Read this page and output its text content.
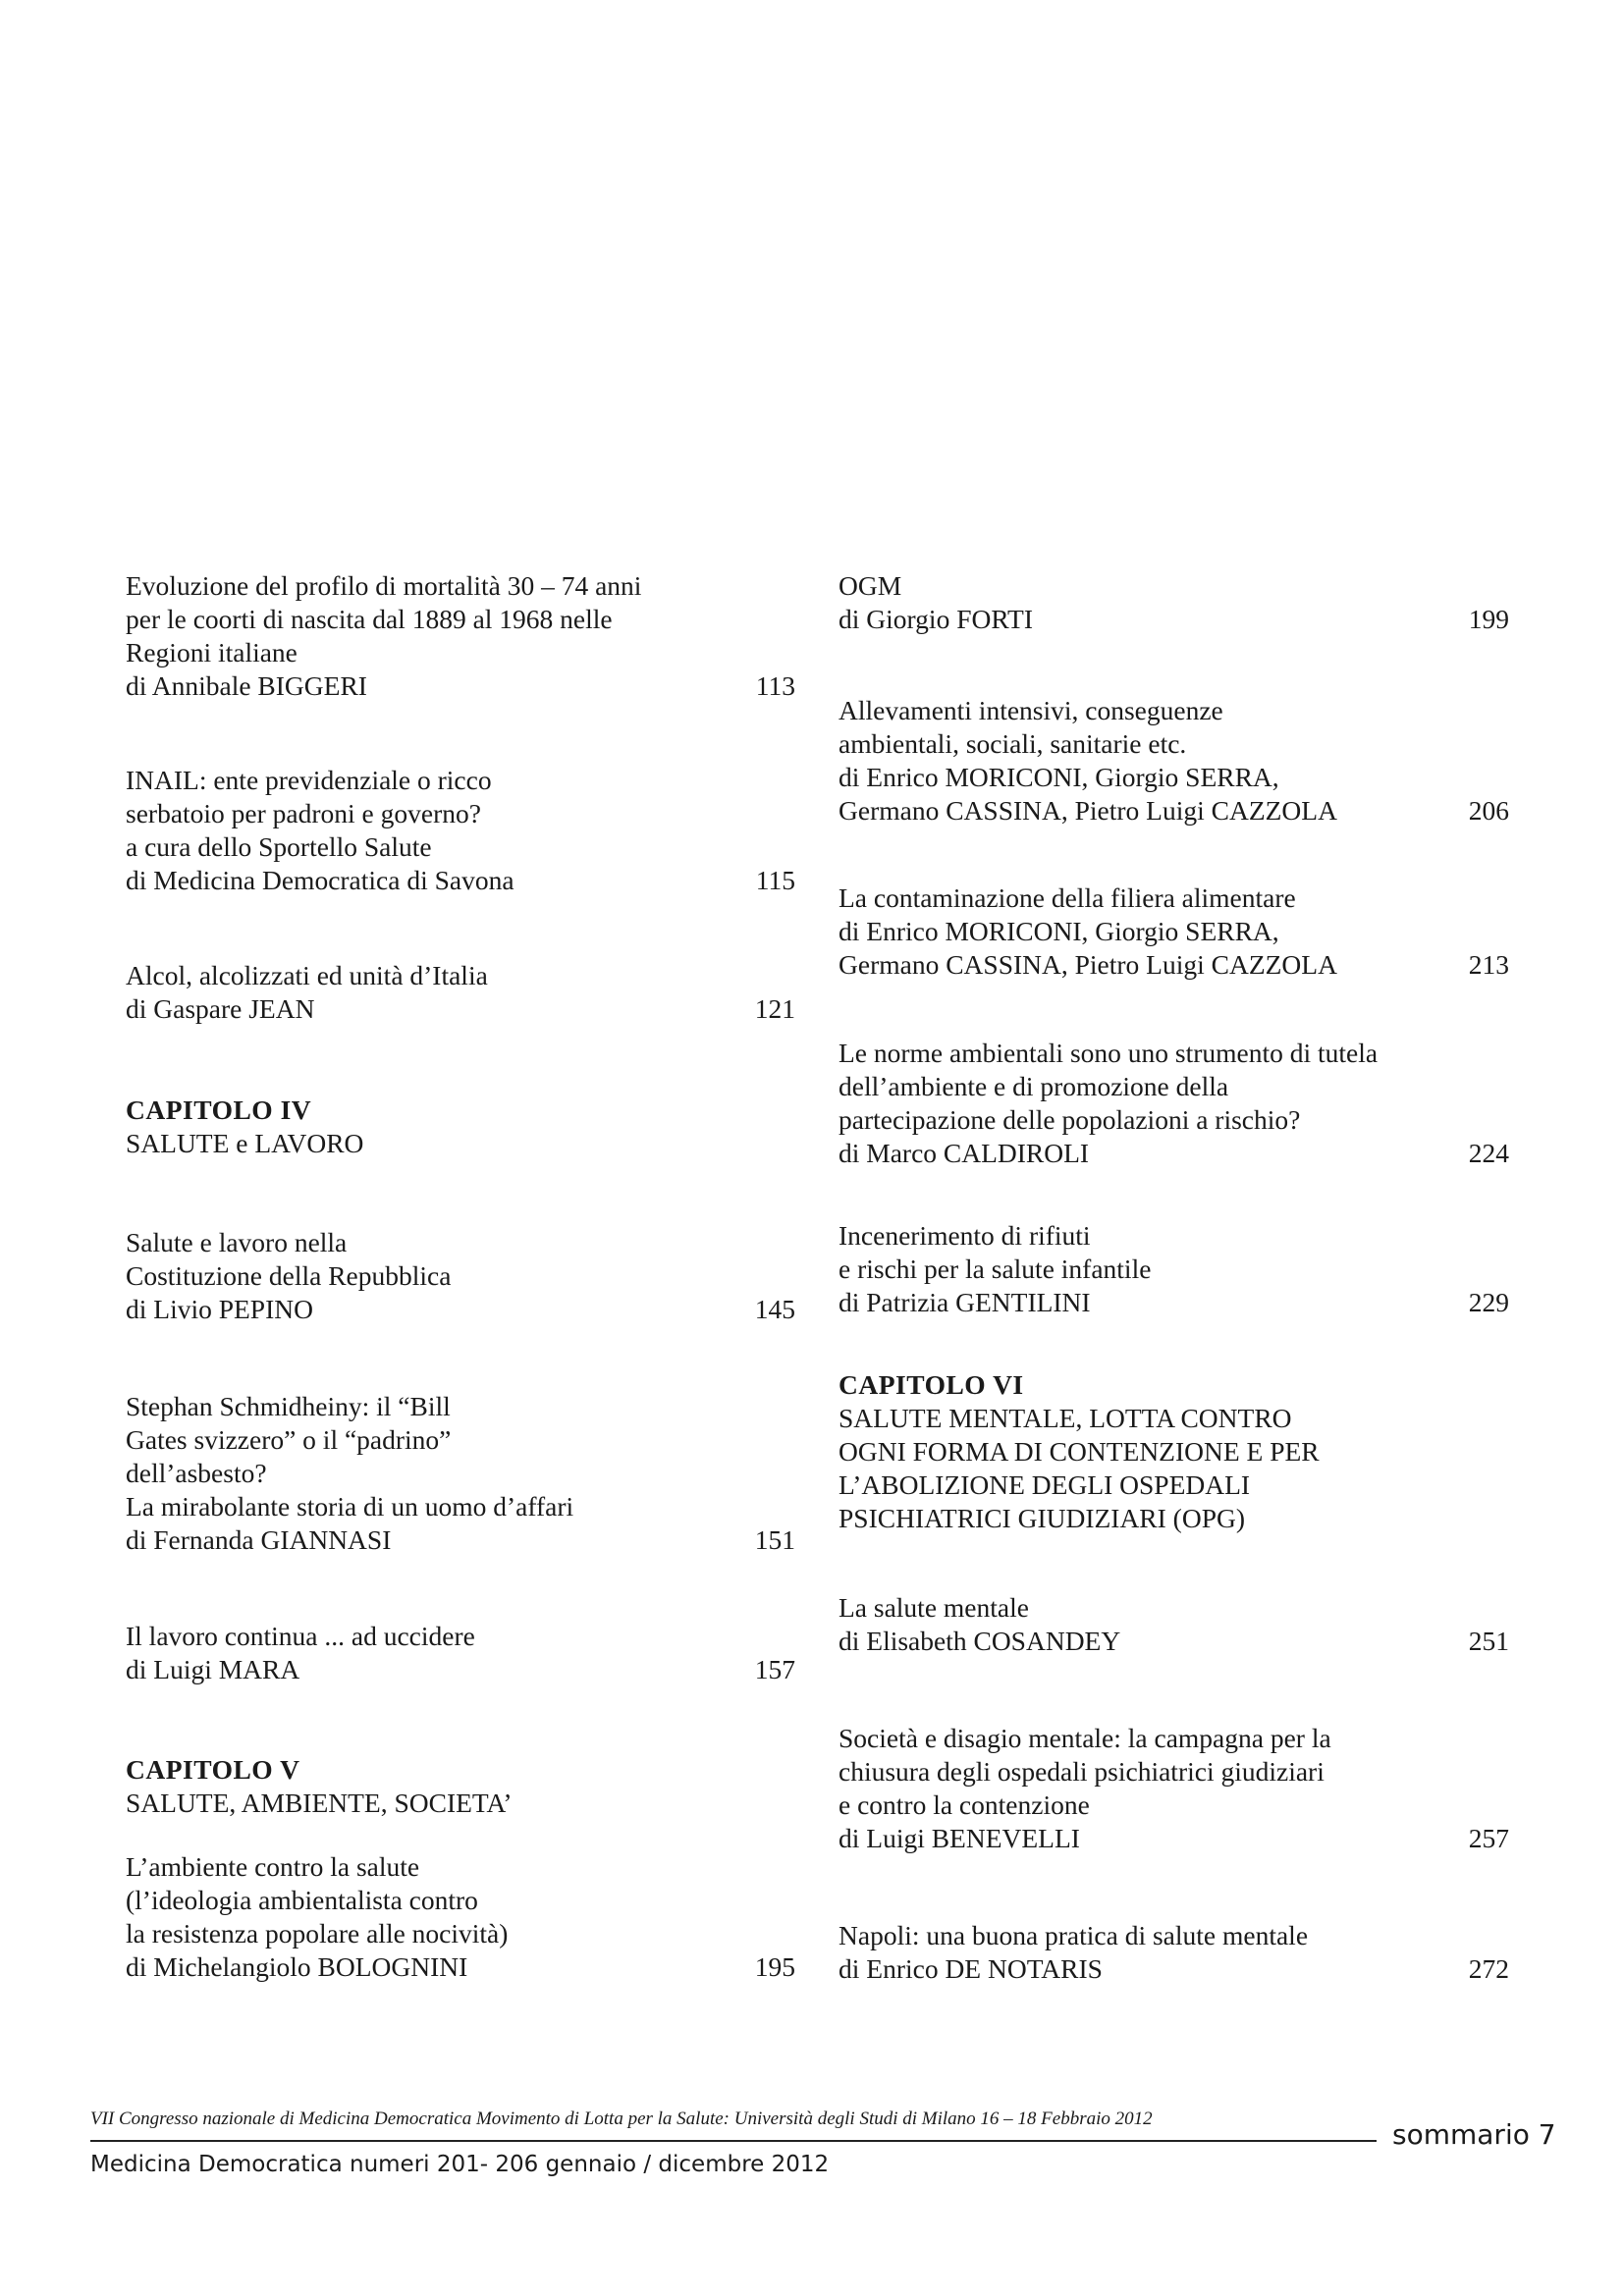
Evoluzione del profilo di mortalità 30 – 74 anni
per le coorti di nascita dal 1889 al 1968 nelle
Regioni italiane
di Annibale BIGGERI	113
INAIL: ente previdenziale o ricco
serbatoio per padroni e governo?
a cura dello Sportello Salute
di Medicina Democratica di Savona	115
Alcol, alcolizzati ed unità d’Italia
di Gaspare JEAN	121
CAPITOLO IV
SALUTE e LAVORO
Salute e lavoro nella
Costituzione della Repubblica
di Livio PEPINO	145
Stephan Schmidheiny: il “Bill
Gates svizzero” o il “padrino”
dell’asbesto?
La mirabolante storia di un uomo d’affari
di Fernanda GIANNASI	151
Il lavoro continua ... ad uccidere
di Luigi MARA	157
CAPITOLO V
SALUTE, AMBIENTE, SOCIETA’
L’ambiente contro la salute
(l’ideologia ambientalista contro
la resistenza popolare alle nocività)
di Michelangiolo BOLOGNINI	195
OGM
di Giorgio FORTI	199
Allevamenti intensivi, conseguenze
ambientali, sociali, sanitarie etc.
di Enrico MORICONI, Giorgio SERRA,
Germano CASSINA, Pietro Luigi CAZZOLA	206
La contaminazione della filiera alimentare
di Enrico MORICONI, Giorgio SERRA,
Germano CASSINA, Pietro Luigi CAZZOLA	213
Le norme ambientali sono uno strumento di tutela
dell’ambiente e di promozione della
partecipazione delle popolazioni a rischio?
di Marco CALDIROLI	224
Incenerimento di rifiuti
e rischi per la salute infantile
di Patrizia GENTILINI	229
CAPITOLO VI
SALUTE MENTALE, LOTTA CONTRO
OGNI FORMA DI CONTENZIONE E PER
L’ABOLIZIONE DEGLI OSPEDALI
PSICHIATRICI GIUDIZIARI (OPG)
La salute mentale
di Elisabeth COSANDEY	251
Società e disagio mentale: la campagna per la
chiusura degli ospedali psichiatrici giudiziari
e contro la contenzione
di Luigi BENEVELLI	257
Napoli: una buona pratica di salute mentale
di Enrico DE NOTARIS	272
VII Congresso nazionale di Medicina Democratica Movimento di Lotta per la Salute: Università degli Studi di Milano 16 – 18 Febbraio 2012
Medicina Democratica numeri 201- 206 gennaio / dicembre 2012
sommario 7
